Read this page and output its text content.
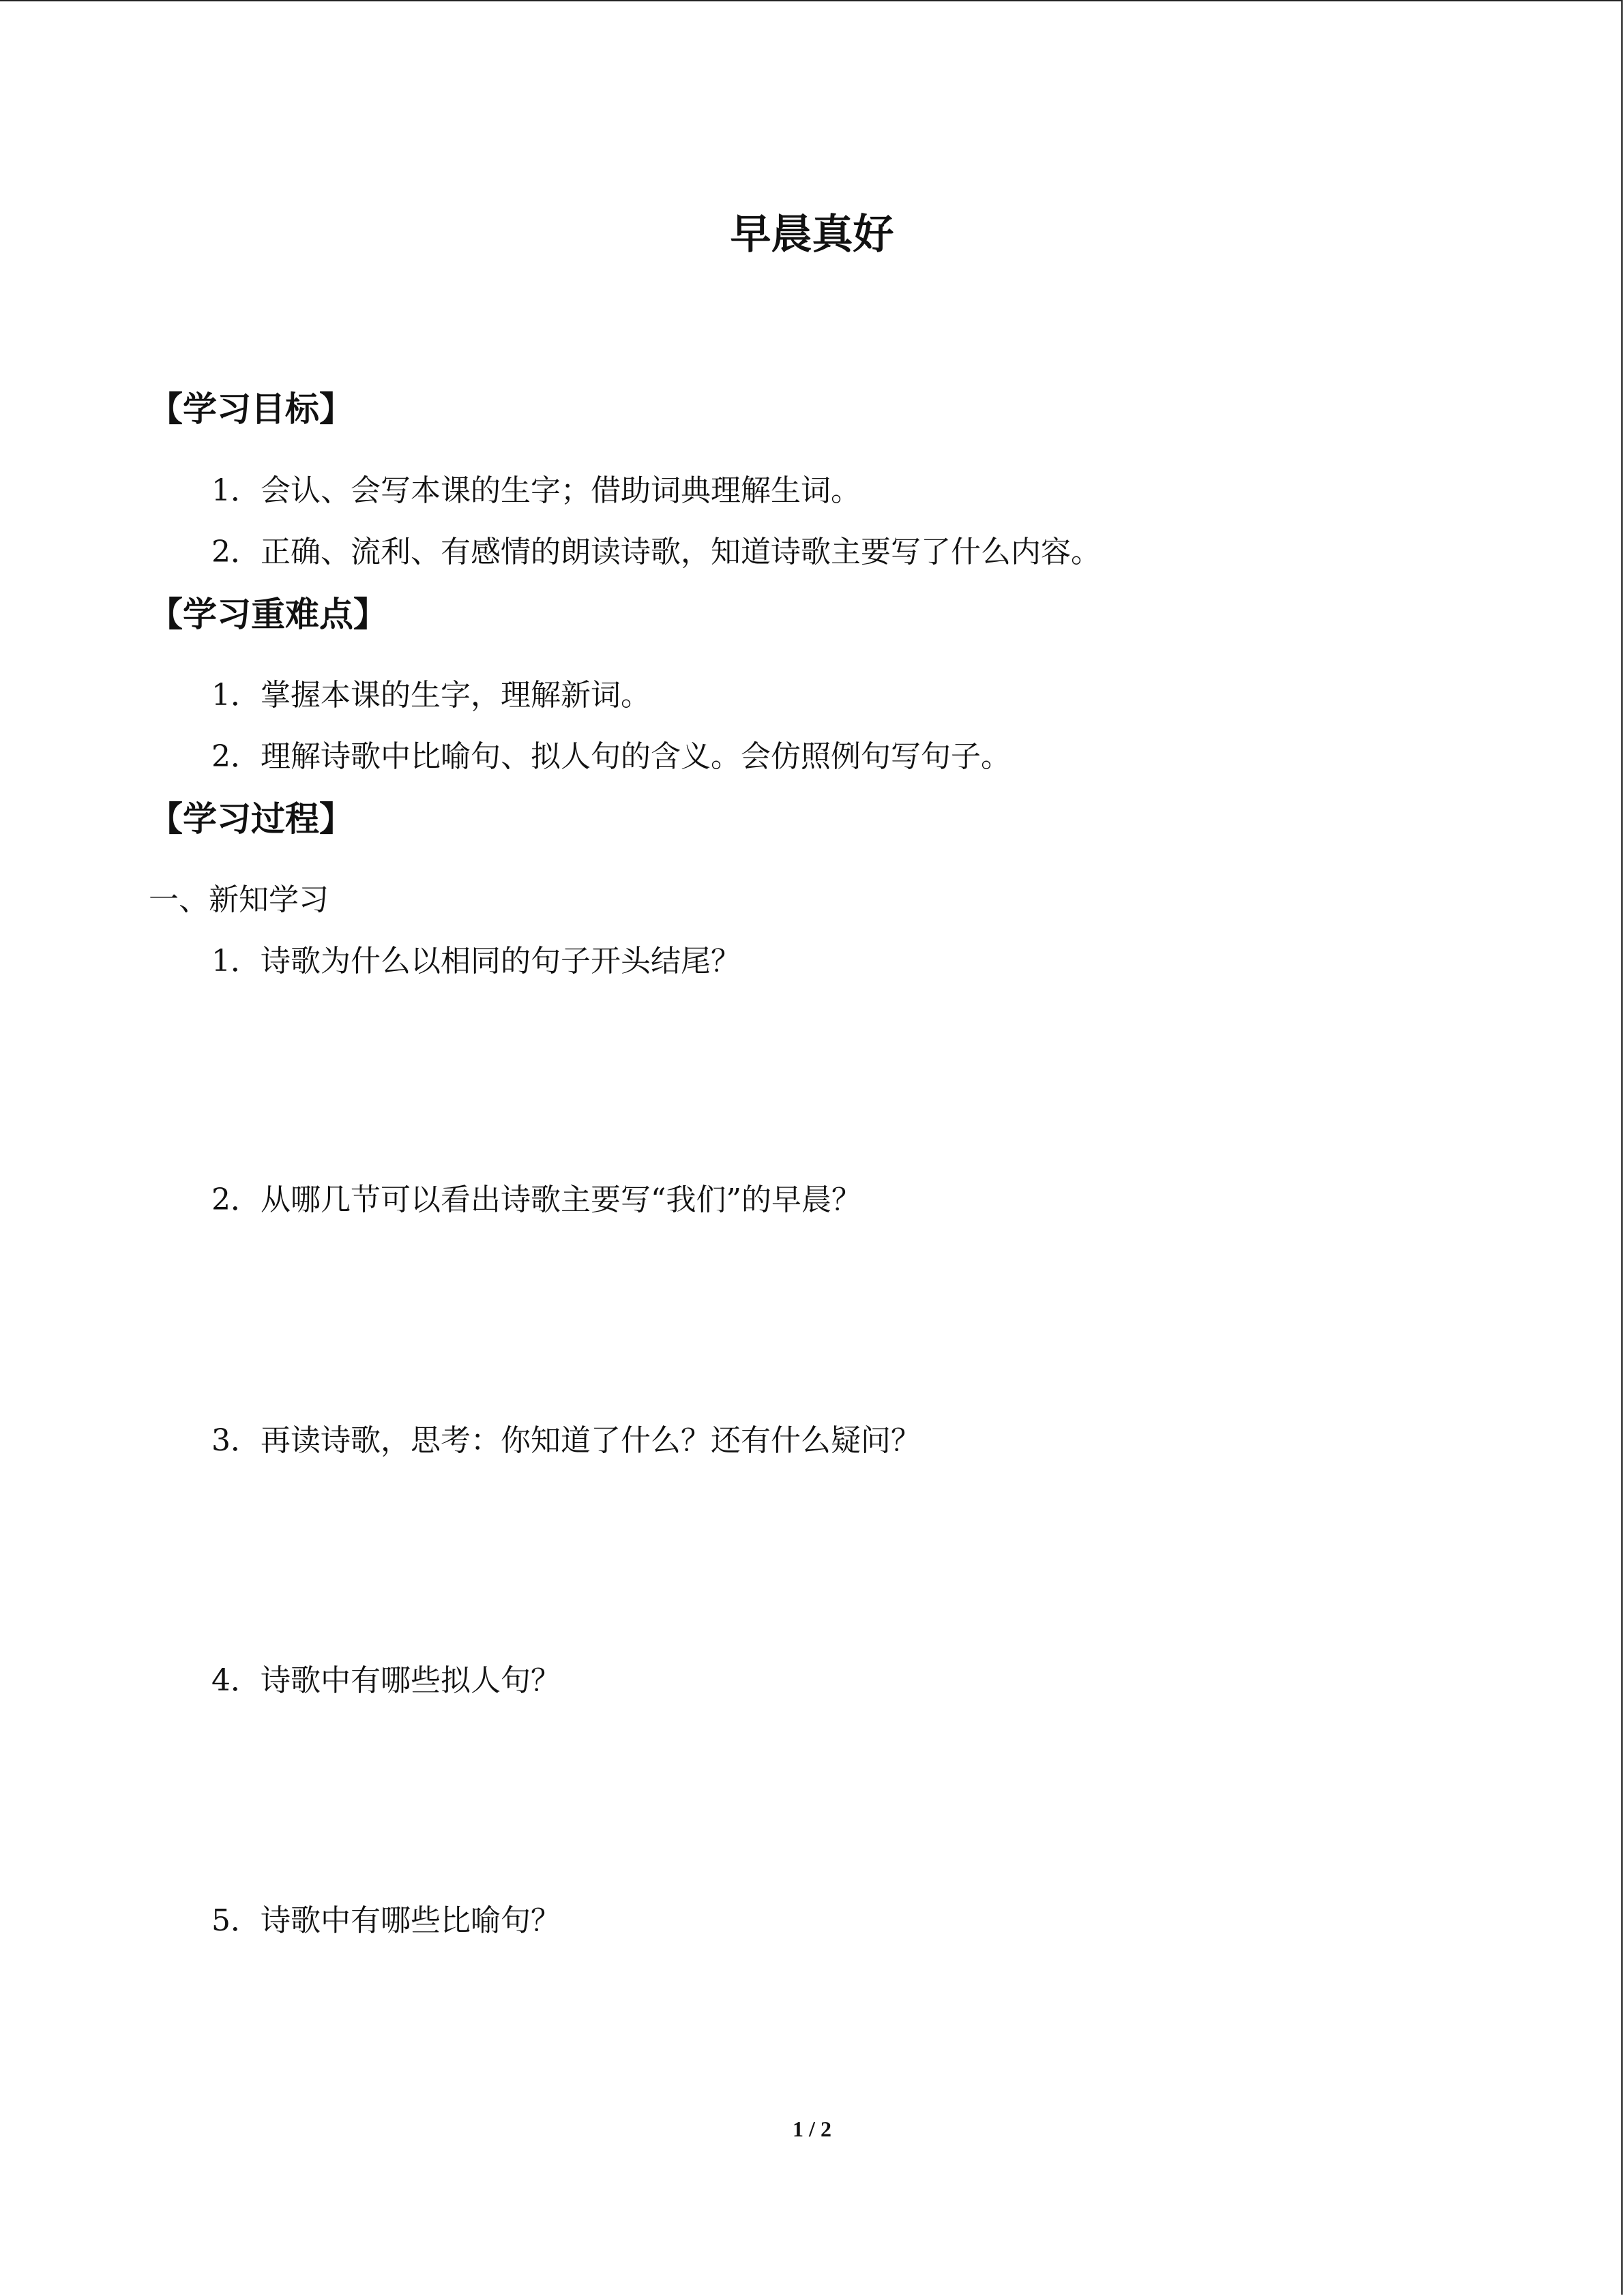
早晨真好
【学习目标】
1．会认、会写本课的生字；借助词典理解生词。
2．正确、流利、有感情的朗读诗歌，知道诗歌主要写了什么内容。
【学习重难点】
1．掌握本课的生字，理解新词。
2．理解诗歌中比喻句、拟人句的含义。会仿照例句写句子。
【学习过程】
一、新知学习
1．诗歌为什么以相同的句子开头结尾？
2．从哪几节可以看出诗歌主要写“我们”的早晨？
3．再读诗歌，思考：你知道了什么？还有什么疑问？
4．诗歌中有哪些拟人句？
5．诗歌中有哪些比喻句？
1 / 2
